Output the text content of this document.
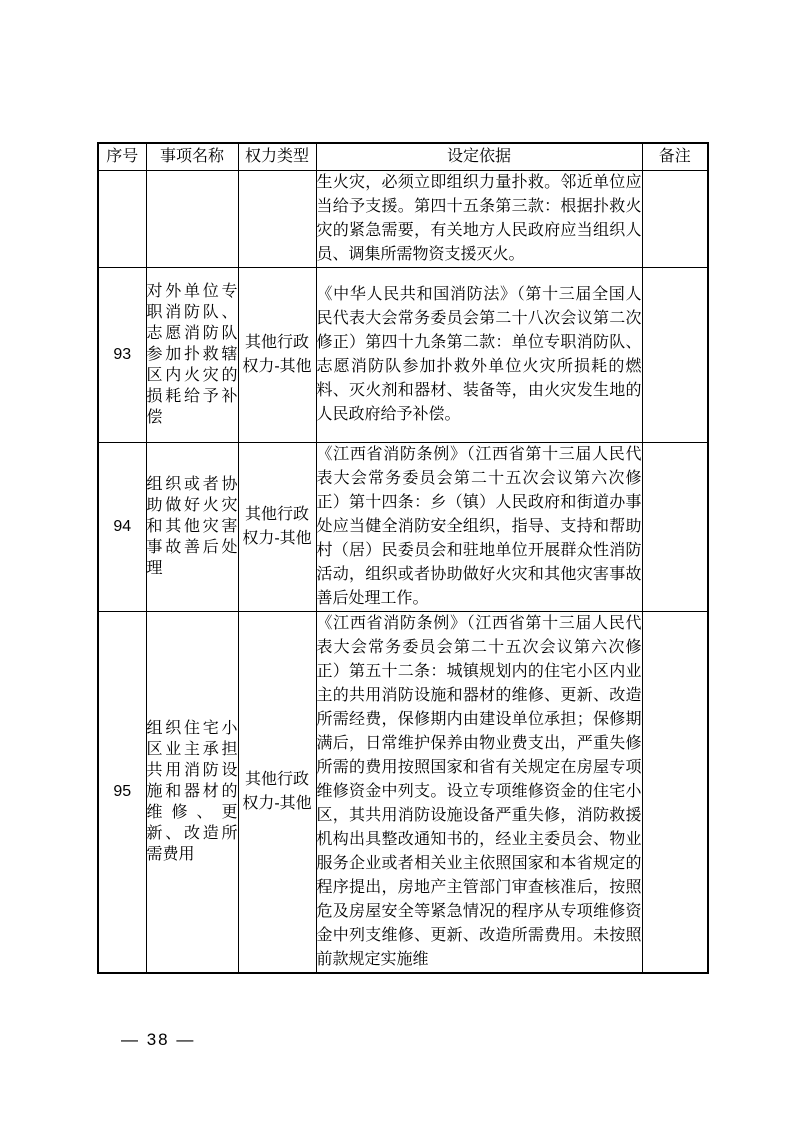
序号	事项名称	权力类型	设定依据	备注
			生火灾，必须立即组织力量扑救。邻近单位应当给予支援。第四十五条第三款：根据扑救火灾的紧急需要，有关地方人民政府应当组织人员、调集所需物资支援灭火。	
93	对外单位专职消防队、志愿消防队参加扑救辖区内火灾的损耗给予补偿	其他行政权力-其他	《中华人民共和国消防法》（第十三届全国人民代表大会常务委员会第二十八次会议第二次修正）第四十九条第二款：单位专职消防队、志愿消防队参加扑救外单位火灾所损耗的燃料、灭火剂和器材、装备等，由火灾发生地的人民政府给予补偿。	
94	组织或者协助做好火灾和其他灾害事故善后处理	其他行政权力-其他	《江西省消防条例》（江西省第十三届人民代表大会常务委员会第二十五次会议第六次修正）第十四条：乡（镇）人民政府和街道办事处应当健全消防安全组织，指导、支持和帮助村（居）民委员会和驻地单位开展群众性消防活动，组织或者协助做好火灾和其他灾害事故善后处理工作。	
95	组织住宅小区业主承担共用消防设施和器材的维修、更新、改造所需费用	其他行政权力-其他	《江西省消防条例》（江西省第十三届人民代表大会常务委员会第二十五次会议第六次修正）第五十二条：城镇规划内的住宅小区内业主的共用消防设施和器材的维修、更新、改造所需经费，保修期内由建设单位承担；保修期满后，日常维护保养由物业费支出，严重失修所需的费用按照国家和省有关规定在房屋专项维修资金中列支。设立专项维修资金的住宅小区，其共用消防设施设备严重失修，消防救援机构出具整改通知书的，经业主委员会、物业服务企业或者相关业主依照国家和本省规定的程序提出，房地产主管部门审查核准后，按照危及房屋安全等紧急情况的程序从专项维修资金中列支维修、更新、改造所需费用。未按照前款规定实施维	
— 38 —
